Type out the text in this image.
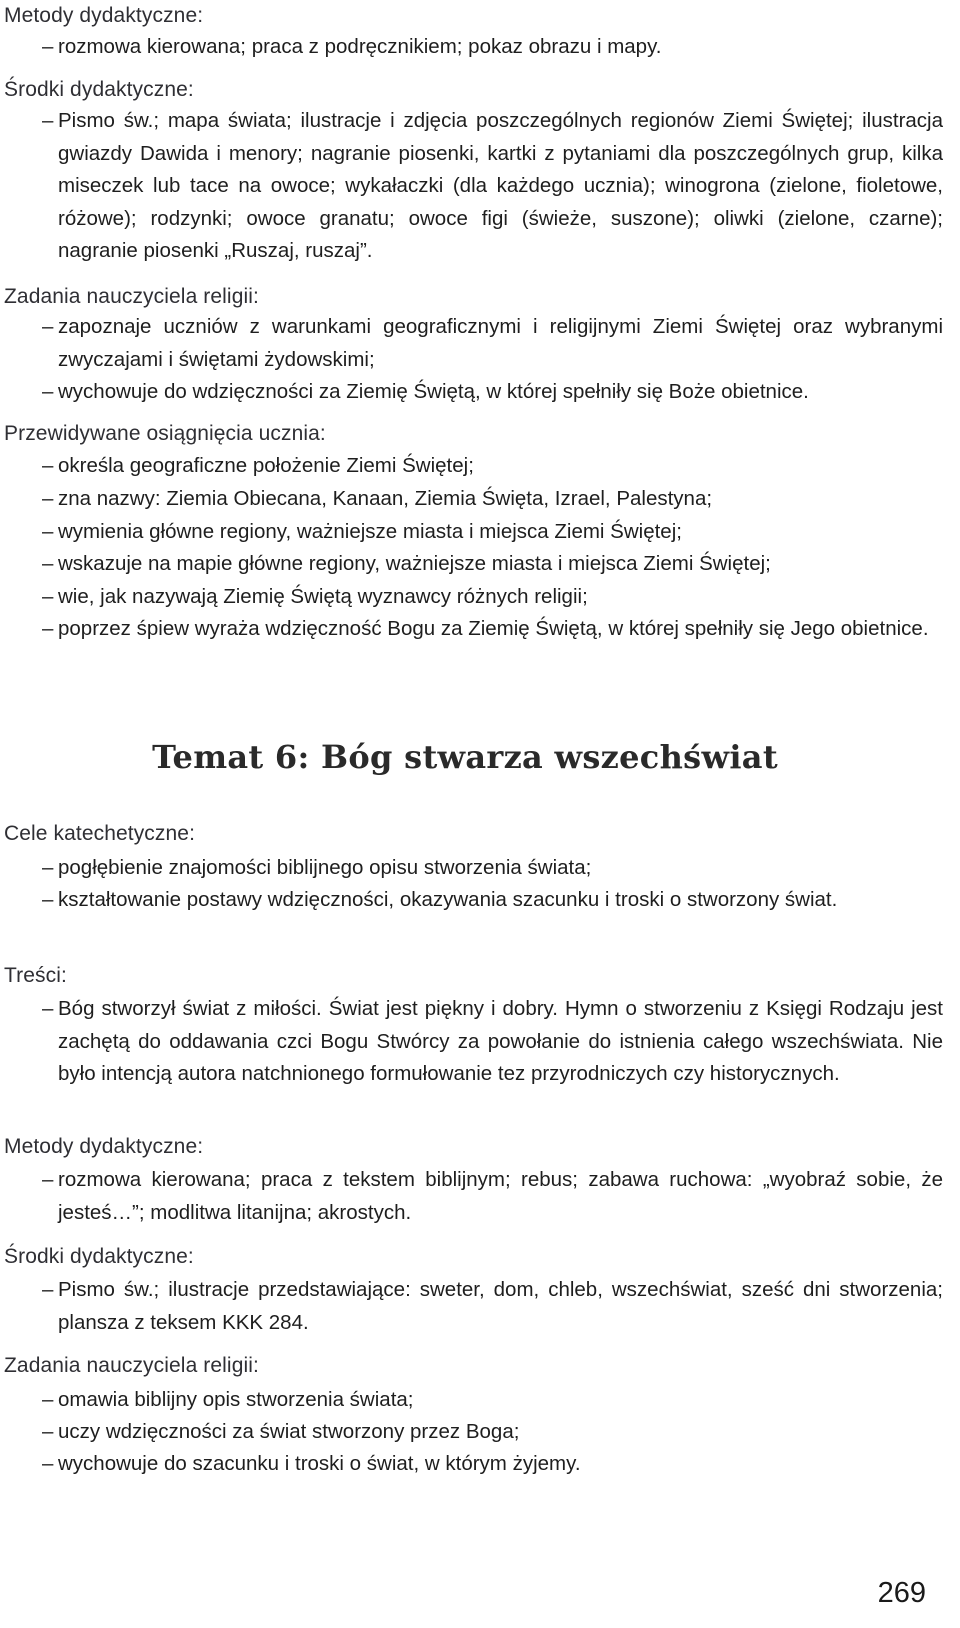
Metody dydaktyczne:
– rozmowa kierowana; praca z podręcznikiem; pokaz obrazu i mapy.
Środki dydaktyczne:
– Pismo św.; mapa świata; ilustracje i zdjęcia poszczególnych regionów Ziemi Świętej; ilustracja gwiazdy Dawida i menory; nagranie piosenki, kartki z pytaniami dla poszczególnych grup, kilka miseczek lub tace na owoce; wykałaczki (dla każdego ucznia); winogrona (zielone, fioletowe, różowe); rodzynki; owoce granatu; owoce figi (świeże, suszone); oliwki (zielone, czarne); nagranie piosenki „Ruszaj, ruszaj”.
Zadania nauczyciela religii:
– zapoznaje uczniów z warunkami geograficznymi i religijnymi Ziemi Świętej oraz wybranymi zwyczajami i świętami żydowskimi;
– wychowuje do wdzięczności za Ziemię Świętą, w której spełniły się Boże obietnice.
Przewidywane osiągnięcia ucznia:
– określa geograficzne położenie Ziemi Świętej;
– zna nazwy: Ziemia Obiecana, Kanaan, Ziemia Święta, Izrael, Palestyna;
– wymienia główne regiony, ważniejsze miasta i miejsca Ziemi Świętej;
– wskazuje na mapie główne regiony, ważniejsze miasta i miejsca Ziemi Świętej;
– wie, jak nazywają Ziemię Świętą wyznawcy różnych religii;
– poprzez śpiew wyraża wdzięczność Bogu za Ziemię Świętą, w której spełniły się Jego obietnice.
Temat 6: Bóg stwarza wszechświat
Cele katechetyczne:
– pogłębienie znajomości biblijnego opisu stworzenia świata;
– kształtowanie postawy wdzięczności, okazywania szacunku i troski o stworzony świat.
Treści:
– Bóg stworzył świat z miłości. Świat jest piękny i dobry. Hymn o stworzeniu z Księgi Rodzaju jest zachętą do oddawania czci Bogu Stwórcy za powołanie do istnienia całego wszechświata. Nie było intencją autora natchnionego formułowanie tez przyrodniczych czy historycznych.
Metody dydaktyczne:
– rozmowa kierowana; praca z tekstem biblijnym; rebus; zabawa ruchowa: „wyobraź sobie, że jesteś…”; modlitwa litanijna; akrostych.
Środki dydaktyczne:
– Pismo św.; ilustracje przedstawiające: sweter, dom, chleb, wszechświat, sześć dni stworzenia; plansza z teksem KKK 284.
Zadania nauczyciela religii:
– omawia biblijny opis stworzenia świata;
– uczy wdzięczności za świat stworzony przez Boga;
– wychowuje do szacunku i troski o świat, w którym żyjemy.
269
